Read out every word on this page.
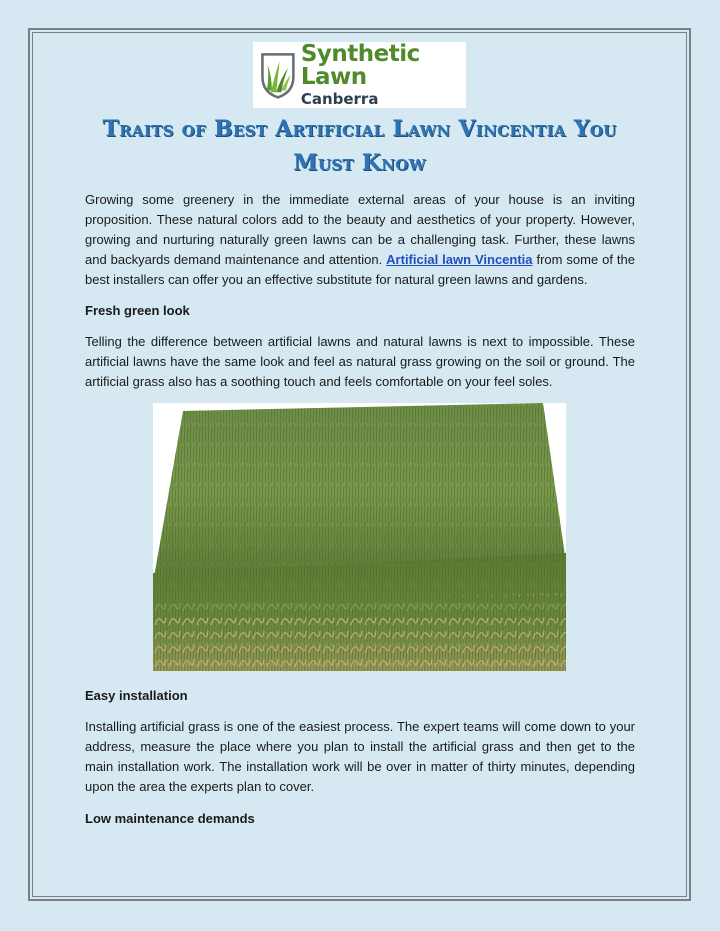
Synthetic Lawn
Canberra
Traits of Best Artificial Lawn Vincentia You Must Know

Growing some greenery in the immediate external areas of your house is an inviting proposition. These natural colors add to the beauty and aesthetics of your property. However, growing and nurturing naturally green lawns can be a challenging task. Further, these lawns and backyards demand maintenance and attention. Artificial lawn Vincentia from some of the best installers can offer you an effective substitute for natural green lawns and gardens.

Fresh green look

Telling the difference between artificial lawns and natural lawns is next to impossible. These artificial lawns have the same look and feel as natural grass growing on the soil or ground. The artificial grass also has a soothing touch and feels comfortable on your feel soles.

Easy installation

Installing artificial grass is one of the easiest process. The expert teams will come down to your address, measure the place where you plan to install the artificial grass and then get to the main installation work. The installation work will be over in matter of thirty minutes, depending upon the area the experts plan to cover.

Low maintenance demands
